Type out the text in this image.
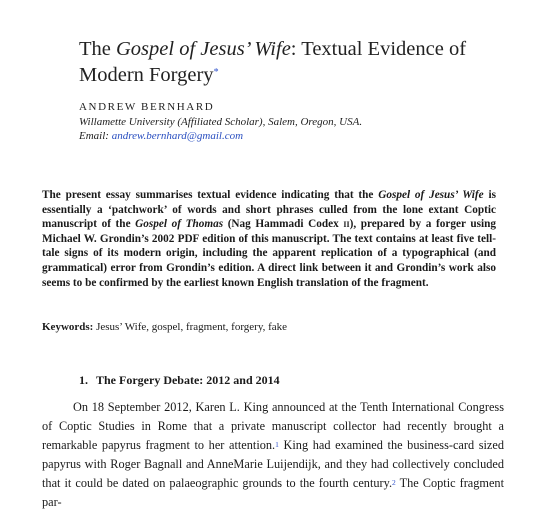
The Gospel of Jesus’ Wife: Textual Evidence of Modern Forgery*
ANDREW BERNHARD
Willamette University (Affiliated Scholar), Salem, Oregon, USA.
Email: andrew.bernhard@gmail.com
The present essay summarises textual evidence indicating that the Gospel of Jesus’ Wife is essentially a ‘patchwork’ of words and short phrases culled from the lone extant Coptic manuscript of the Gospel of Thomas (Nag Hammadi Codex ii), prepared by a forger using Michael W. Grondin’s 2002 PDF edition of this manuscript. The text contains at least five tell-tale signs of its modern origin, including the apparent replication of a typographical (and grammatical) error from Grondin’s edition. A direct link between it and Grondin’s work also seems to be confirmed by the earliest known English translation of the fragment.
Keywords: Jesus’ Wife, gospel, fragment, forgery, fake
1. The Forgery Debate: 2012 and 2014

On 18 September 2012, Karen L. King announced at the Tenth International Congress of Coptic Studies in Rome that a private manuscript collector had recently brought a remarkable papyrus fragment to her attention.$^1$ King had examined the business-card sized papyrus with Roger Bagnall and AnneMarie Luijendijk, and they had collectively concluded that it could be dated on palaeographic grounds to the fourth century.$^2$ The Coptic fragment par-
